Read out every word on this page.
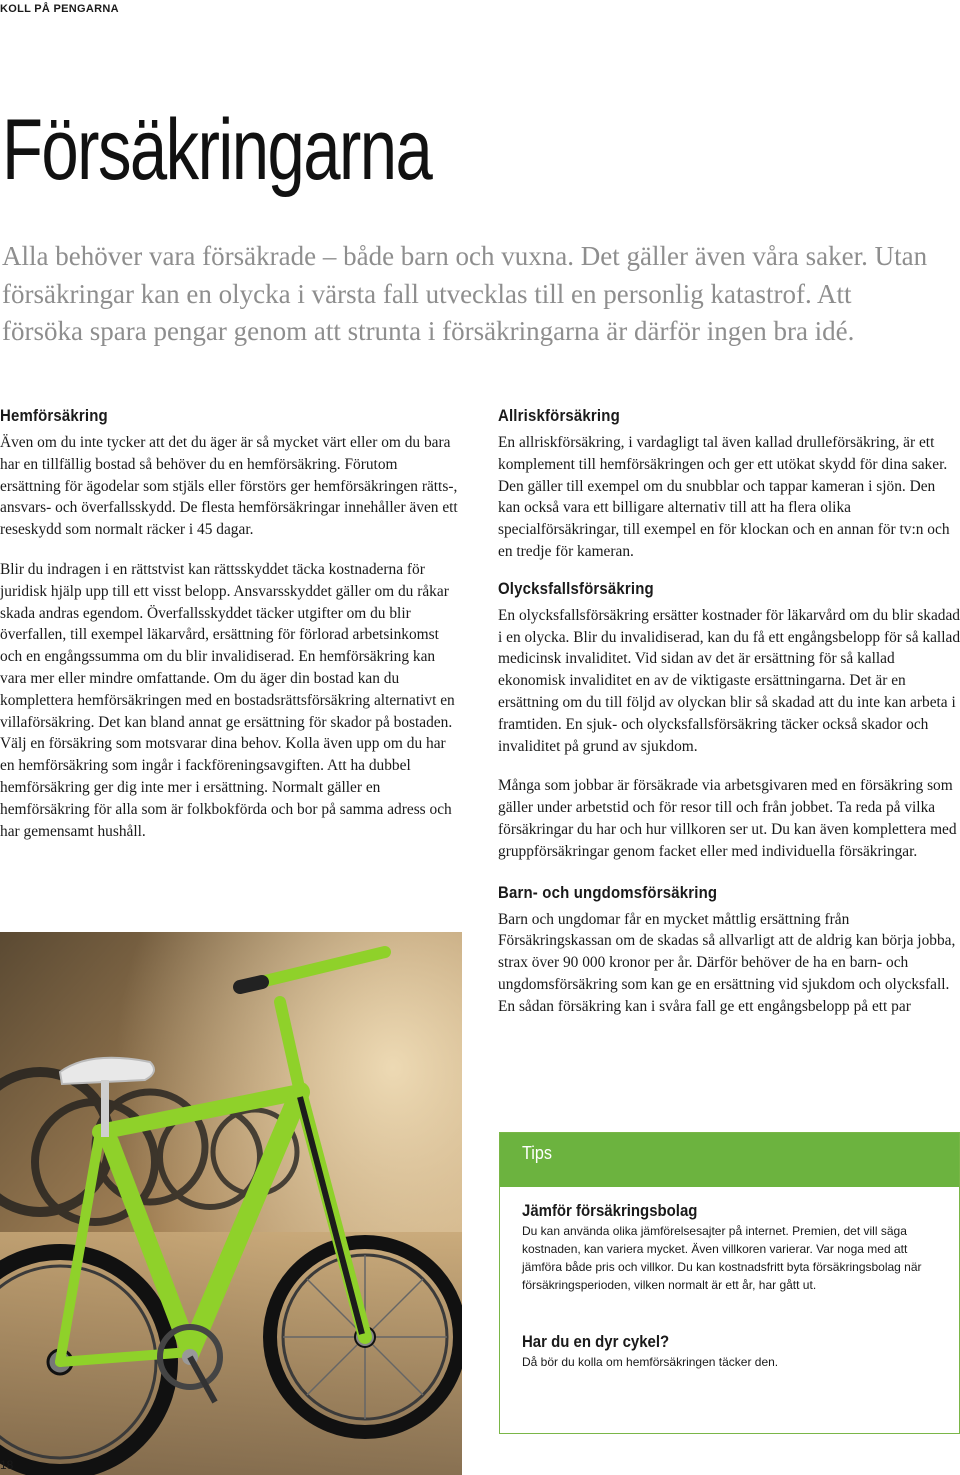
KOLL PÅ PENGARNA
Försäkringarna

Alla behöver vara försäkrade – både barn och vuxna. Det gäller även våra saker. Utan försäkringar kan en olycka i värsta fall utvecklas till en personlig katastrof. Att försöka spara pengar genom att strunta i försäkringarna är därför ingen bra idé.

Hemförsäkring

Även om du inte tycker att det du äger är så mycket värt eller om du bara har en tillfällig bostad så behöver du en hemförsäkring. Förutom ersättning för ägodelar som stjäls eller förstörs ger hemförsäkringen rätts-, ansvars- och överfallsskydd. De flesta hemförsäkringar innehåller även ett reseskydd som normalt räcker i 45 dagar.

Blir du indragen i en rättstvist kan rättsskyddet täcka kostnaderna för juridisk hjälp upp till ett visst belopp. Ansvarsskyddet gäller om du råkar skada andras egendom. Överfallsskyddet täcker utgifter om du blir överfallen, till exempel läkarvård, ersättning för förlorad arbetsinkomst och en engångssumma om du blir invalidiserad. En hemförsäkring kan vara mer eller mindre omfattande. Om du äger din bostad kan du komplettera hemförsäkringen med en bostadsrättsförsäkring alternativt en villaförsäkring. Det kan bland annat ge ersättning för skador på bostaden. Välj en försäkring som motsvarar dina behov. Kolla även upp om du har en hemförsäkring som ingår i fackföreningsavgiften. Att ha dubbel hemförsäkring ger dig inte mer i ersättning. Normalt gäller en hemförsäkring för alla som är folkbokförda och bor på samma adress och har gemensamt hushåll.

Allriskförsäkring

En allriskförsäkring, i vardagligt tal även kallad drulleförsäkring, är ett komplement till hemförsäkringen och ger ett utökat skydd för dina saker. Den gäller till exempel om du snubblar och tappar kameran i sjön. Den kan också vara ett billigare alternativ till att ha flera olika specialförsäkringar, till exempel en för klockan och en annan för tv:n och en tredje för kameran.

Olycksfallsförsäkring

En olycksfallsförsäkring ersätter kostnader för läkarvård om du blir skadad i en olycka. Blir du invalidiserad, kan du få ett engångsbelopp för så kallad medicinsk invaliditet. Vid sidan av det är ersättning för så kallad ekonomisk invaliditet en av de viktigaste ersättningarna. Det är en ersättning om du till följd av olyckan blir så skadad att du inte kan arbeta i framtiden. En sjuk- och olycksfallsförsäkring täcker också skador och invaliditet på grund av sjukdom.

Många som jobbar är försäkrade via arbetsgivaren med en försäkring som gäller under arbetstid och för resor till och från jobbet. Ta reda på vilka försäkringar du har och hur villkoren ser ut. Du kan även komplettera med gruppförsäkringar genom facket eller med individuella försäkringar.

Barn- och ungdomsförsäkring

Barn och ungdomar får en mycket måttlig ersättning från Försäkringskassan om de skadas så allvarligt att de aldrig kan börja jobba, strax över 90 000 kronor per år. Därför behöver de ha en barn- och ungdomsförsäkring som kan ge en ersättning vid sjukdom och olycksfall. En sådan försäkring kan i svåra fall ge ett engångsbelopp på ett par

Tips
Jämför försäkringsbolag

Du kan använda olika jämförelsesajter på internet. Premien, det vill säga kostnaden, kan variera mycket. Även villkoren varierar. Var noga med att jämföra både pris och villkor. Du kan kostnadsfritt byta försäkringsbolag när försäkringsperioden, vilken normalt är ett år, har gått ut.

Har du en dyr cykel?

Då bör du kolla om hemförsäkringen täcker den.

18
